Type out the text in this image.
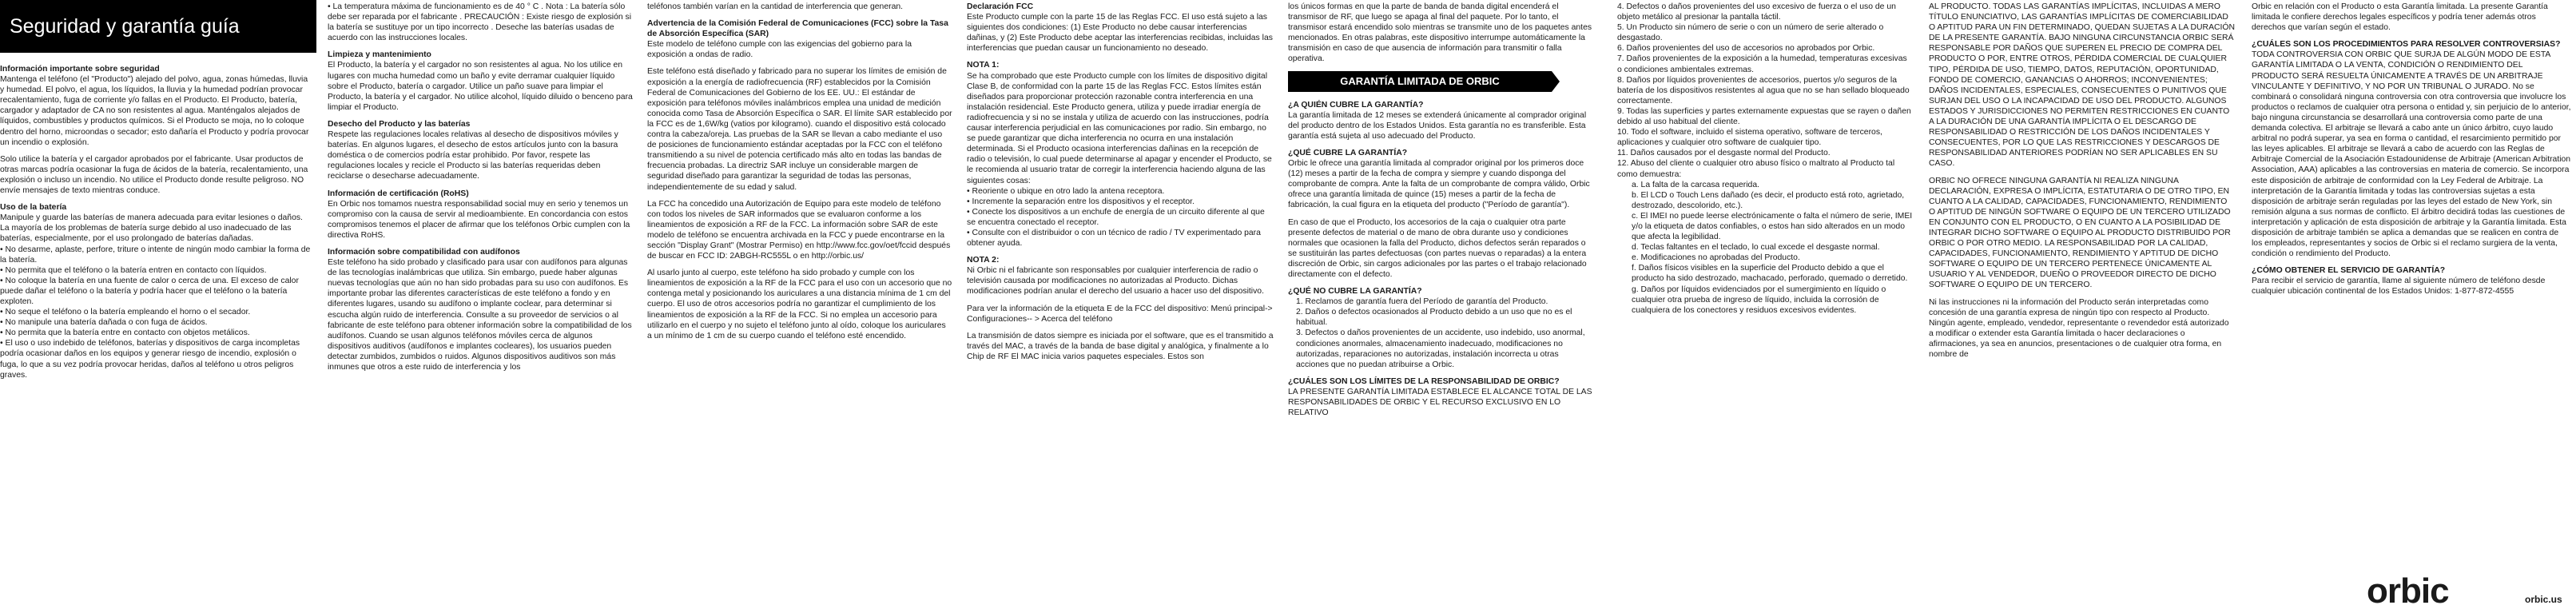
Seguridad y garantía guía

Información importante sobre seguridad

Mantenga el teléfono (el "Producto") alejado del polvo, agua, zonas húmedas, lluvia y humedad. El polvo, el agua, los líquidos, la lluvia y la humedad podrían provocar recalentamiento, fuga de corriente y/o fallas en el Producto. El Producto, batería, cargador y adaptador de CA no son resistentes al agua. Manténgalos alejados de líquidos, combustibles y productos químicos. Si el Producto se moja, no lo coloque dentro del horno, microondas o secador; esto dañaría el Producto y podría provocar un incendio o explosión.

Solo utilice la batería y el cargador aprobados por el fabricante. Usar productos de otras marcas podría ocasionar la fuga de ácidos de la batería, recalentamiento, una explosión o incluso un incendio. No utilice el Producto donde resulte peligroso. NO envíe mensajes de texto mientras conduce.

Uso de la batería

Manipule y guarde las baterías de manera adecuada para evitar lesiones o daños. La mayoría de los problemas de batería surge debido al uso inadecuado de las baterías, especialmente, por el uso prolongado de baterías dañadas.

• No desarme, aplaste, perfore, triture o intente de ningún modo cambiar la forma de la batería.
• No permita que el teléfono o la batería entren en contacto con líquidos.
• No coloque la batería en una fuente de calor o cerca de una. El exceso de calor puede dañar el teléfono o la batería y podría hacer que el teléfono o la batería exploten.
• No seque el teléfono o la batería empleando el horno o el secador.
• No manipule una batería dañada o con fuga de ácidos.
• No permita que la batería entre en contacto con objetos metálicos.
• El uso o uso indebido de teléfonos, baterías y dispositivos de carga incompletas podría ocasionar daños en los equipos y generar riesgo de incendio, explosión o fuga, lo que a su vez podría provocar heridas, daños al teléfono u otros peligros graves.

• La temperatura máxima de funcionamiento es de 40 ° C . Nota : La batería sólo debe ser reparada por el fabricante . PRECAUCIÓN : Existe riesgo de explosión si la batería se sustituye por un tipo incorrecto . Deseche las baterías usadas de acuerdo con las instrucciones locales.

Limpieza y mantenimiento

El Producto, la batería y el cargador no son resistentes al agua. No los utilice en lugares con mucha humedad como un baño y evite derramar cualquier líquido sobre el Producto, batería o cargador. Utilice un paño suave para limpiar el Producto, la batería y el cargador. No utilice alcohol, líquido diluido o benceno para limpiar el Producto.

Desecho del Producto y las baterías

Respete las regulaciones locales relativas al desecho de dispositivos móviles y baterías. En algunos lugares, el desecho de estos artículos junto con la basura doméstica o de comercios podría estar prohibido. Por favor, respete las regulaciones locales y recicle el Producto si las baterías requeridas deben reciclarse o desecharse adecuadamente.

Información de certificación (RoHS)

En Orbic nos tomamos nuestra responsabilidad social muy en serio y tenemos un compromiso con la causa de servir al medioambiente. En concordancia con estos compromisos tenemos el placer de afirmar que los teléfonos Orbic cumplen con la directiva RoHS.

Información sobre compatibilidad con audífonos

Este teléfono ha sido probado y clasificado para usar con audífonos para algunas de las tecnologías inalámbricas que utiliza. Sin embargo, puede haber algunas nuevas tecnologías que aún no han sido probadas para su uso con audífonos. Es importante probar las diferentes características de este teléfono a fondo y en diferentes lugares, usando su audífono o implante coclear, para determinar si escucha algún ruido de interferencia. Consulte a su proveedor de servicios o al fabricante de este teléfono para obtener información sobre la compatibilidad de los audífonos. Cuando se usan algunos teléfonos móviles cerca de algunos dispositivos auditivos (audífonos e implantes cocleares), los usuarios pueden detectar zumbidos, zumbidos o ruidos. Algunos dispositivos auditivos son más inmunes que otros a este ruido de interferencia y los

teléfonos también varían en la cantidad de interferencia que generan.

Advertencia de la Comisión Federal de Comunicaciones (FCC) sobre la Tasa de Absorción Específica (SAR)

Este modelo de teléfono cumple con las exigencias del gobierno para la exposición a ondas de radio.

Este teléfono está diseñado y fabricado para no superar los límites de emisión de exposición a la energía de radiofrecuencia (RF) establecidos por la Comisión Federal de Comunicaciones del Gobierno de los EE. UU.: El estándar de exposición para teléfonos móviles inalámbricos emplea una unidad de medición conocida como Tasa de Absorción Específica o SAR. El límite SAR establecido por la FCC es de 1,6W/kg (vatios por kilogramo). cuando el dispositivo está colocado contra la cabeza/oreja. Las pruebas de la SAR se llevan a cabo mediante el uso de posiciones de funcionamiento estándar aceptadas por la FCC con el teléfono transmitiendo a su nivel de potencia certificado más alto en todas las bandas de frecuencia probadas. La directriz SAR incluye un considerable margen de seguridad diseñado para garantizar la seguridad de todas las personas, independientemente de su edad y salud.

La FCC ha concedido una Autorización de Equipo para este modelo de teléfono con todos los niveles de SAR informados que se evaluaron conforme a los lineamientos de exposición a RF de la FCC. La información sobre SAR de este modelo de teléfono se encuentra archivada en la FCC y puede encontrarse en la sección "Display Grant" (Mostrar Permiso) en http://www.fcc.gov/oet/fccid después de buscar en FCC ID: 2ABGH-RC555L o en http://orbic.us/

Al usarlo junto al cuerpo, este teléfono ha sido probado y cumple con los lineamientos de exposición a la RF de la FCC para el uso con un accesorio que no contenga metal y posicionando los auriculares a una distancia mínima de 1 cm del cuerpo. El uso de otros accesorios podría no garantizar el cumplimiento de los lineamientos de exposición a la RF de la FCC. Si no emplea un accesorio para utilizarlo en el cuerpo y no sujeto el teléfono junto al oído, coloque los auriculares a un mínimo de 1 cm de su cuerpo cuando el teléfono esté encendido.

Declaración FCC

Este Producto cumple con la parte 15 de las Reglas FCC. El uso está sujeto a las siguientes dos condiciones: (1) Este Producto no debe causar interferencias dañinas, y (2) Este Producto debe aceptar las interferencias recibidas, incluidas las interferencias que puedan causar un funcionamiento no deseado.

NOTA 1:

Se ha comprobado que este Producto cumple con los límites de dispositivo digital Clase B, de conformidad con la parte 15 de las Reglas FCC. Estos límites están diseñados para proporcionar protección razonable contra interferencia en una instalación residencial. Este Producto genera, utiliza y puede irradiar energía de radiofrecuencia y si no se instala y utiliza de acuerdo con las instrucciones, podría causar interferencia perjudicial en las comunicaciones por radio. Sin embargo, no se puede garantizar que dicha interferencia no ocurra en una instalación determinada. Si el Producto ocasiona interferencias dañinas en la recepción de radio o televisión, lo cual puede determinarse al apagar y encender el Producto, se le recomienda al usuario tratar de corregir la interferencia haciendo alguna de las siguientes cosas:

• Reoriente o ubique en otro lado la antena receptora.
• Incremente la separación entre los dispositivos y el receptor.
• Conecte los dispositivos a un enchufe de energía de un circuito diferente al que se encuentra conectado el receptor.
• Consulte con el distribuidor o con un técnico de radio / TV experimentado para obtener ayuda.

NOTA 2:

Ni Orbic ni el fabricante son responsables por cualquier interferencia de radio o televisión causada por modificaciones no autorizadas al Producto. Dichas modificaciones podrían anular el derecho del usuario a hacer uso del dispositivo.

Para ver la información de la etiqueta E de la FCC del dispositivo: Menú principal-> Configuraciones-- > Acerca del teléfono

La transmisión de datos siempre es iniciada por el software, que es el transmitido a través del MAC, a través de la banda de base digital y analógica, y finalmente a lo Chip de RF El MAC inicia varios paquetes especiales. Estos son

los únicos formas en que la parte de banda de banda digital encenderá el transmisor de RF, que luego se apaga al final del paquete. Por lo tanto, el transmisor estará encendido solo mientras se transmite uno de los paquetes antes mencionados. En otras palabras, este dispositivo interrumpe automáticamente la transmisión en caso de que ausencia de información para transmitir o falla operativa.

GARANTÍA LIMITADA DE ORBIC

¿A QUIÉN CUBRE LA GARANTÍA?

La garantía limitada de 12 meses se extenderá únicamente al comprador original del producto dentro de los Estados Unidos. Esta garantía no es transferible. Esta garantía está sujeta al uso adecuado del Producto.

¿QUÉ CUBRE LA GARANTÍA?

Orbic le ofrece una garantía limitada al comprador original por los primeros doce (12) meses a partir de la fecha de compra y siempre y cuando disponga del comprobante de compra. Ante la falta de un comprobante de compra válido, Orbic ofrece una garantía limitada de quince (15) meses a partir de la fecha de fabricación, la cual figura en la etiqueta del producto ("Período de garantía").

En caso de que el Producto, los accesorios de la caja o cualquier otra parte presente defectos de material o de mano de obra durante uso y condiciones normales que ocasionen la falla del Producto, dichos defectos serán reparados o se sustituirán las partes defectuosas (con partes nuevas o reparadas) a la entera discreción de Orbic, sin cargos adicionales por las partes o el trabajo relacionado directamente con el defecto.

¿QUÉ NO CUBRE LA GARANTÍA?

1. Reclamos de garantía fuera del Período de garantía del Producto.
2. Daños o defectos ocasionados al Producto debido a un uso que no es el habitual.
3. Defectos o daños provenientes de un accidente, uso indebido, uso anormal, condiciones anormales, almacenamiento inadecuado, modificaciones no autorizadas, reparaciones no autorizadas, instalación incorrecta u otras acciones que no puedan atribuirse a Orbic.

¿CUÁLES SON LOS LÍMITES DE LA RESPONSABILIDAD DE ORBIC?

LA PRESENTE GARANTÍA LIMITADA ESTABLECE EL ALCANCE TOTAL DE LAS RESPONSABILIDADES DE ORBIC Y EL RECURSO EXCLUSIVO EN LO RELATIVO

4. Defectos o daños provenientes del uso excesivo de fuerza o el uso de un objeto metálico al presionar la pantalla táctil.
5. Un Producto sin número de serie o con un número de serie alterado o desgastado.
6. Daños provenientes del uso de accesorios no aprobados por Orbic.
7. Daños provenientes de la exposición a la humedad, temperaturas excesivas o condiciones ambientales extremas.
8. Daños por líquidos provenientes de accesorios, puertos y/o seguros de la batería de los dispositivos resistentes al agua que no se han sellado bloqueado correctamente.
9. Todas las superficies y partes externamente expuestas que se rayen o dañen debido al uso habitual del cliente.
10. Todo el software, incluido el sistema operativo, software de terceros, aplicaciones y cualquier otro software de cualquier tipo.
11. Daños causados por el desgaste normal del Producto.
12. Abuso del cliente o cualquier otro abuso físico o maltrato al Producto tal como demuestra:
a. La falta de la carcasa requerida.
b. El LCD o Touch Lens dañado (es decir, el producto está roto, agrietado, destrozado, descolorido, etc.).
c. El IMEI no puede leerse electrónicamente o falta el número de serie, IMEI y/o la etiqueta de datos confiables, o estos han sido alterados en un modo que afecta la legibilidad.
d. Teclas faltantes en el teclado, lo cual excede el desgaste normal.
e. Modificaciones no aprobadas del Producto.
f. Daños físicos visibles en la superficie del Producto debido a que el producto ha sido destrozado, machacado, perforado, quemado o derretido.
g. Daños por líquidos evidenciados por el sumergimiento en líquido o cualquier otra prueba de ingreso de líquido, incluida la corrosión de cualquiera de los conectores y residuos excesivos evidentes.

AL PRODUCTO. TODAS LAS GARANTÍAS IMPLÍCITAS, INCLUIDAS A MERO TÍTULO ENUNCIATIVO, LAS GARANTÍAS IMPLÍCITAS DE COMERCIABILIDAD O APTITUD PARA UN FIN DETERMINADO, QUEDAN SUJETAS A LA DURACIÓN DE LA PRESENTE GARANTÍA. BAJO NINGUNA CIRCUNSTANCIA ORBIC SERÁ RESPONSABLE POR DAÑOS QUE SUPEREN EL PRECIO DE COMPRA DEL PRODUCTO O POR, ENTRE OTROS, PÉRDIDA COMERCIAL DE CUALQUIER TIPO, PÉRDIDA DE USO, TIEMPO, DATOS, REPUTACIÓN, OPORTUNIDAD, FONDO DE COMERCIO, GANANCIAS O AHORROS; INCONVENIENTES; DAÑOS INCIDENTALES, ESPECIALES, CONSECUENTES O PUNITIVOS QUE SURJAN DEL USO O LA INCAPACIDAD DE USO DEL PRODUCTO. ALGUNOS ESTADOS Y JURISDICCIONES NO PERMITEN RESTRICCIONES EN CUANTO A LA DURACIÓN DE UNA GARANTÍA IMPLÍCITA O EL DESCARGO DE RESPONSABILIDAD O RESTRICCIÓN DE LOS DAÑOS INCIDENTALES Y CONSECUENTES, POR LO QUE LAS RESTRICCIONES Y DESCARGOS DE RESPONSABILIDAD ANTERIORES PODRÍAN NO SER APLICABLES EN SU CASO.

ORBIC NO OFRECE NINGUNA GARANTÍA NI REALIZA NINGUNA DECLARACIÓN, EXPRESA O IMPLÍCITA, ESTATUTARIA O DE OTRO TIPO, EN CUANTO A LA CALIDAD, CAPACIDADES, FUNCIONAMIENTO, RENDIMIENTO O APTITUD DE NINGÚN SOFTWARE O EQUIPO DE UN TERCERO UTILIZADO EN CONJUNTO CON EL PRODUCTO, O EN CUANTO A LA POSIBILIDAD DE INTEGRAR DICHO SOFTWARE O EQUIPO AL PRODUCTO DISTRIBUIDO POR ORBIC O POR OTRO MEDIO. LA RESPONSABILIDAD POR LA CALIDAD, CAPACIDADES, FUNCIONAMIENTO, RENDIMIENTO Y APTITUD DE DICHO SOFTWARE O EQUIPO DE UN TERCERO PERTENECE ÚNICAMENTE AL USUARIO Y AL VENDEDOR, DUEÑO O PROVEEDOR DIRECTO DE DICHO SOFTWARE O EQUIPO DE UN TERCERO.

Ni las instrucciones ni la información del Producto serán interpretadas como concesión de una garantía expresa de ningún tipo con respecto al Producto. Ningún agente, empleado, vendedor, representante o revendedor está autorizado a modificar o extender esta Garantía limitada o hacer declaraciones o afirmaciones, ya sea en anuncios, presentaciones o de cualquier otra forma, en nombre de

Orbic en relación con el Producto o esta Garantía limitada. La presente Garantía limitada le confiere derechos legales específicos y podría tener además otros derechos que varían según el estado.

¿CUÁLES SON LOS PROCEDIMIENTOS PARA RESOLVER CONTROVERSIAS?

TODA CONTROVERSIA CON ORBIC QUE SURJA DE ALGÚN MODO DE ESTA GARANTÍA LIMITADA O LA VENTA, CONDICIÓN O RENDIMIENTO DEL PRODUCTO SERÁ RESUELTA ÚNICAMENTE A TRAVÉS DE UN ARBITRAJE VINCULANTE Y DEFINITIVO, Y NO POR UN TRIBUNAL O JURADO. No se combinará o consolidará ninguna controversia con otra controversia que involucre los productos o reclamos de cualquier otra persona o entidad y, sin perjuicio de lo anterior, bajo ninguna circunstancia se desarrollará una controversia como parte de una demanda colectiva. El arbitraje se llevará a cabo ante un único árbitro, cuyo laudo arbitral no podrá superar, ya sea en forma o cantidad, el resarcimiento permitido por las leyes aplicables. El arbitraje se llevará a cabo de acuerdo con las Reglas de Arbitraje Comercial de la Asociación Estadounidense de Arbitraje (American Arbitration Association, AAA) aplicables a las controversias en materia de comercio. Se incorpora este disposición de arbitraje de conformidad con la Ley Federal de Arbitraje. La interpretación de la Garantía limitada y todas las controversias sujetas a esta disposición de arbitraje serán reguladas por las leyes del estado de New York, sin remisión alguna a sus normas de conflicto. El árbitro decidirá todas las cuestiones de interpretación y aplicación de esta disposición de arbitraje y la Garantía limitada. Esta disposición de arbitraje también se aplica a demandas que se realicen en contra de los empleados, representantes y socios de Orbic si el reclamo surgiera de la venta, condición o rendimiento del Producto.

¿CÓMO OBTENER EL SERVICIO DE GARANTÍA?

Para recibir el servicio de garantía, llame al siguiente número de teléfono desde cualquier ubicación continental de los Estados Unidos: 1-877-872-4555

orbic	orbic.us
